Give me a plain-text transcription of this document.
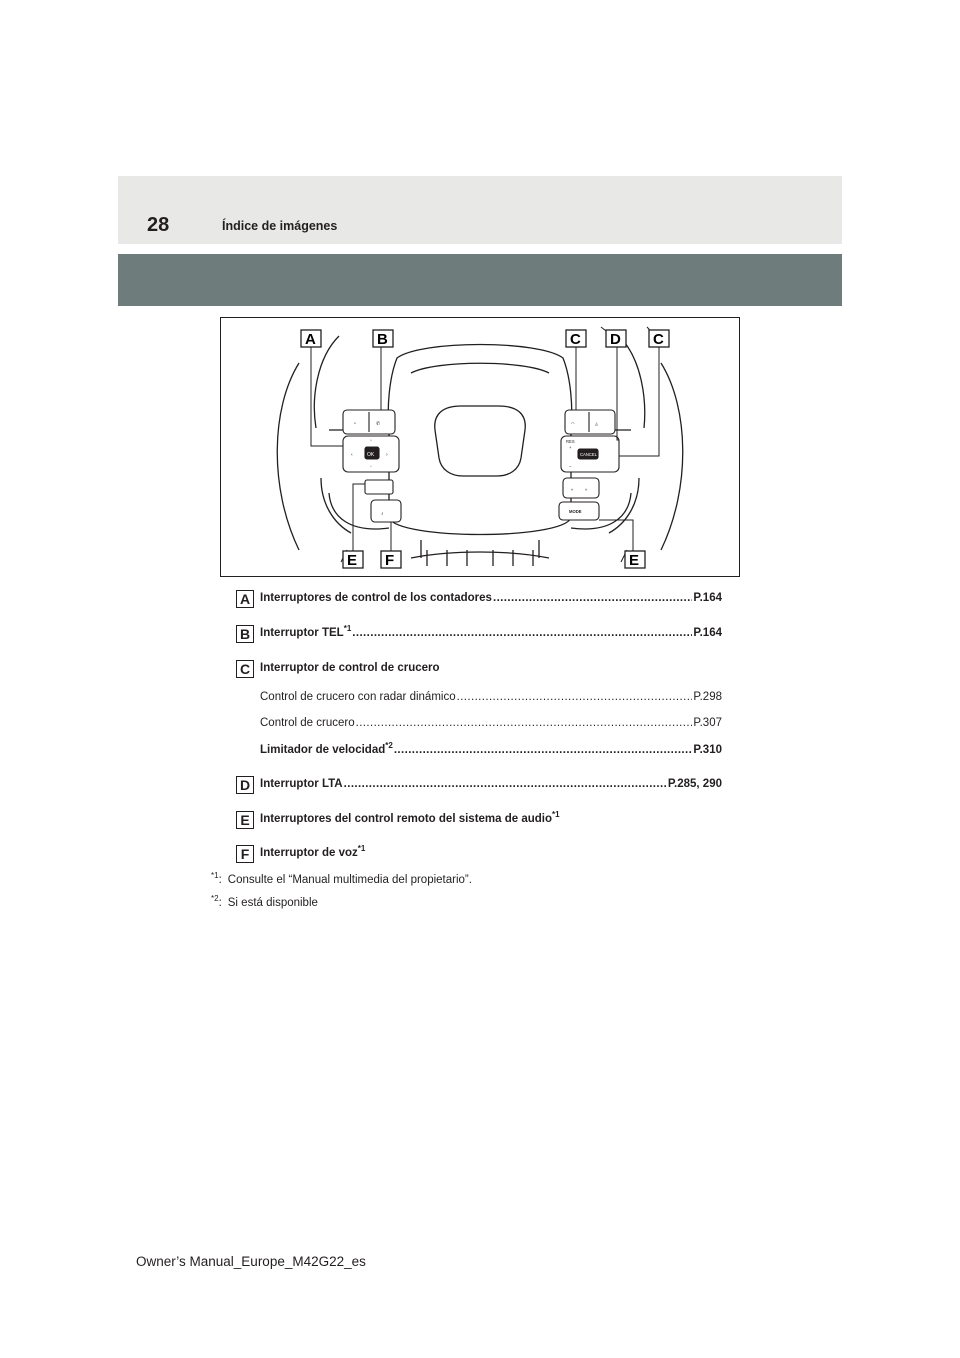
28	Índice de imágenes
◔	✆
OK
‹	›
ˆ
ˇ
♪
◠	◬
RES
+
CANCEL
–
«	»
MODE
A	B	C D C
E F	E
A Interruptores de control de los contadores .....	P.164
B Interruptor TEL$^{*1}$ .....	P.164
C Interruptor de control de crucero
Control de crucero con radar dinámico .....	P.298
Control de crucero .....	P.307
Limitador de velocidad$^{*2}$ .....	P.310
D Interruptor LTA .....	P.285, 290
E Interruptores del control remoto del sistema de audio$^{*1}$
F Interruptor de voz$^{*1}$
$^{*1}$: Consulte el “Manual multimedia del propietario”.
$^{*2}$: Si está disponible
Owner’s Manual_Europe_M42G22_es
